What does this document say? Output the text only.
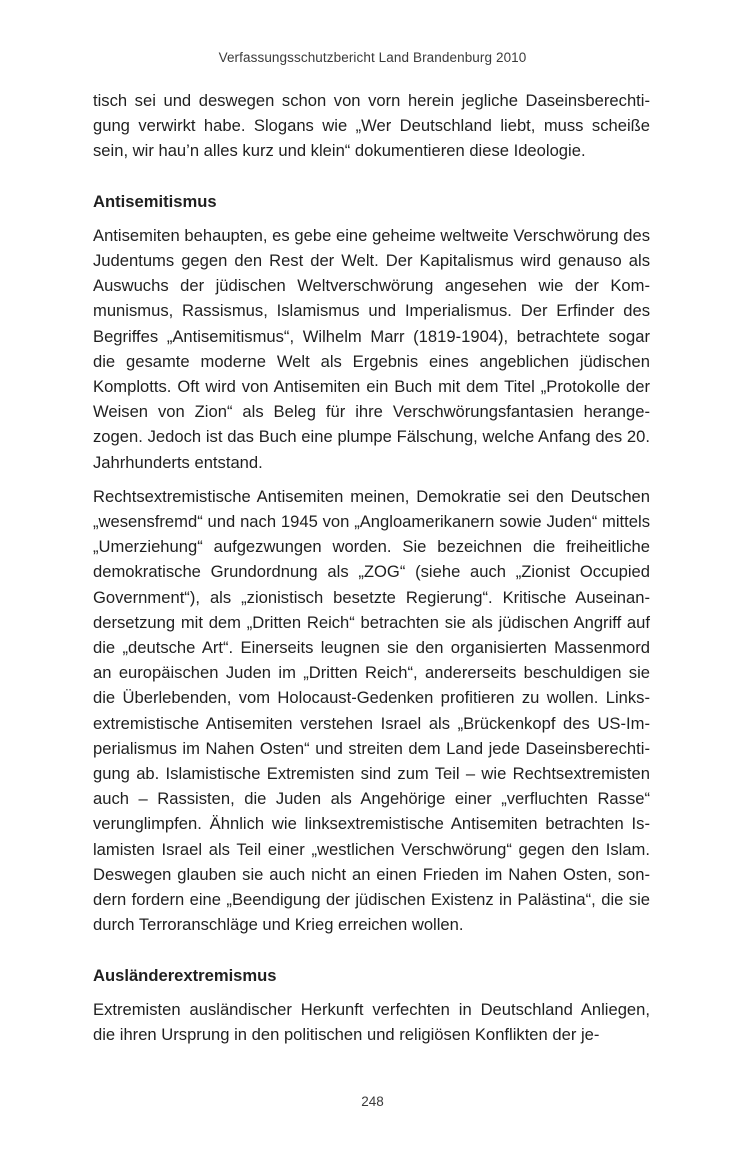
Verfassungsschutzbericht Land Brandenburg 2010

tisch sei und deswegen schon von vorn herein jegliche Daseinsberechtigung verwirkt habe. Slogans wie „Wer Deutschland liebt, muss scheiße sein, wir hau’n alles kurz und klein“ dokumentieren diese Ideologie.

Antisemitismus

Antisemiten behaupten, es gebe eine geheime weltweite Verschwörung des Judentums gegen den Rest der Welt. Der Kapitalismus wird genauso als Auswuchs der jüdischen Weltverschwörung angesehen wie der Kommunismus, Rassismus, Islamismus und Imperialismus. Der Erfinder des Begriffes „Antisemitismus“, Wilhelm Marr (1819-1904), betrachtete sogar die gesamte moderne Welt als Ergebnis eines angeblichen jüdischen Komplotts. Oft wird von Antisemiten ein Buch mit dem Titel „Protokolle der Weisen von Zion“ als Beleg für ihre Verschwörungsfantasien herangezogen. Jedoch ist das Buch eine plumpe Fälschung, welche Anfang des 20. Jahrhunderts entstand.

Rechtsextremistische Antisemiten meinen, Demokratie sei den Deutschen „wesensfremd“ und nach 1945 von „Angloamerikanern sowie Juden“ mittels „Umerziehung“ aufgezwungen worden. Sie bezeichnen die freiheitliche demokratische Grundordnung als „ZOG“ (siehe auch „Zionist Occupied Government“), als „zionistisch besetzte Regierung“. Kritische Auseinandersetzung mit dem „Dritten Reich“ betrachten sie als jüdischen Angriff auf die „deutsche Art“. Einerseits leugnen sie den organisierten Massenmord an europäischen Juden im „Dritten Reich“, andererseits beschuldigen sie die Überlebenden, vom Holocaust-Gedenken profitieren zu wollen. Linksextremistische Antisemiten verstehen Israel als „Brückenkopf des US-Imperialismus im Nahen Osten“ und streiten dem Land jede Daseinsberechtigung ab. Islamistische Extremisten sind zum Teil – wie Rechtsextremisten auch – Rassisten, die Juden als Angehörige einer „verfluchten Rasse“ verunglimpfen. Ähnlich wie linksextremistische Antisemiten betrachten Islamisten Israel als Teil einer „westlichen Verschwörung“ gegen den Islam. Deswegen glauben sie auch nicht an einen Frieden im Nahen Osten, sondern fordern eine „Beendigung der jüdischen Existenz in Palästina“, die sie durch Terroranschläge und Krieg erreichen wollen.

Ausländerextremismus

Extremisten ausländischer Herkunft verfechten in Deutschland Anliegen, die ihren Ursprung in den politischen und religiösen Konflikten der je-

248
